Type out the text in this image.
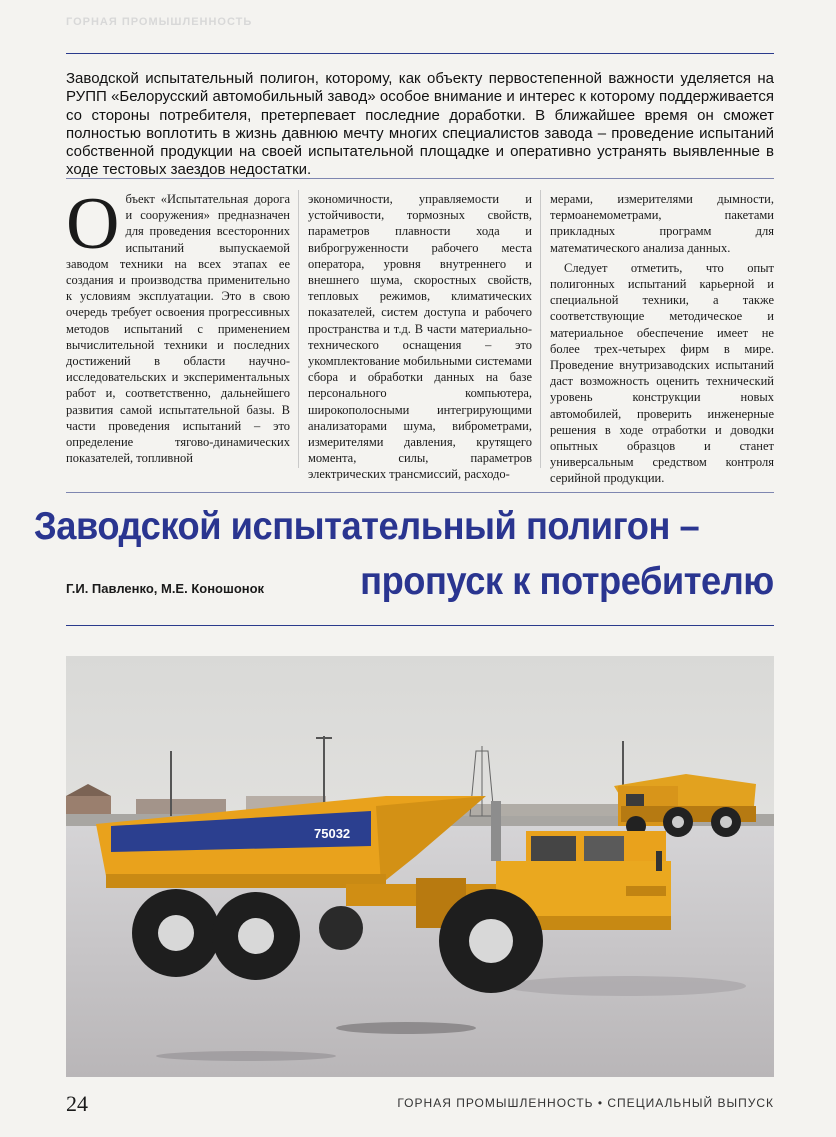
ГОРНАЯ ПРОМЫШЛЕННОСТЬ

Заводской испытательный полигон, которому, как объекту первостепенной важности уделяется на РУПП «Белорусский автомобильный завод» особое внимание и интерес к которому поддерживается со стороны потребителя, претерпевает последние доработки. В ближайшее время он сможет полностью воплотить в жизнь давнюю мечту многих специалистов завода – проведение испытаний собственной продукции на своей испытательной площадке и оперативно устранять выявленные в ходе тестовых заездов недостатки.

Объект «Испытательная дорога и сооружения» предназначен для проведения всесторонних испытаний выпускаемой заводом техники на всех этапах ее создания и производства применительно к условиям эксплуатации. Это в свою очередь требует освоения прогрессивных методов испытаний с применением вычислительной техники и последних достижений в области научно-исследовательских и экспериментальных работ и, соответственно, дальнейшего развития самой испытательной базы. В части проведения испытаний – это определение тягово-динамических показателей, топливной

экономичности, управляемости и устойчивости, тормозных свойств, параметров плавности хода и виброгруженности рабочего места оператора, уровня внутреннего и внешнего шума, скоростных свойств, тепловых режимов, климатических показателей, систем доступа и рабочего пространства и т.д. В части материально-технического оснащения – это укомплектование мобильными системами сбора и обработки данных на базе персонального компьютера, широкополосными интегрирующими анализаторами шума, виброметрами, измерителями давления, крутящего момента, силы, параметров электрических трансмиссий, расходо-

мерами, измерителями дымности, термоанемометрами, пакетами прикладных программ для математического анализа данных.

Следует отметить, что опыт полигонных испытаний карьерной и специальной техники, а также соответствующие методическое и материальное обеспечение имеет не более трех-четырех фирм в мире. Проведение внутризаводских испытаний даст возможность оценить технический уровень конструкции новых автомобилей, проверить инженерные решения в ходе отработки и доводки опытных образцов и станет универсальным средством контроля серийной продукции.

Заводской испытательный полигон –
Г.И. Павленко, М.Е. Коношонок пропуск к потребителю
75032
24	ГОРНАЯ ПРОМЫШЛЕННОСТЬ • СПЕЦИАЛЬНЫЙ ВЫПУСК
